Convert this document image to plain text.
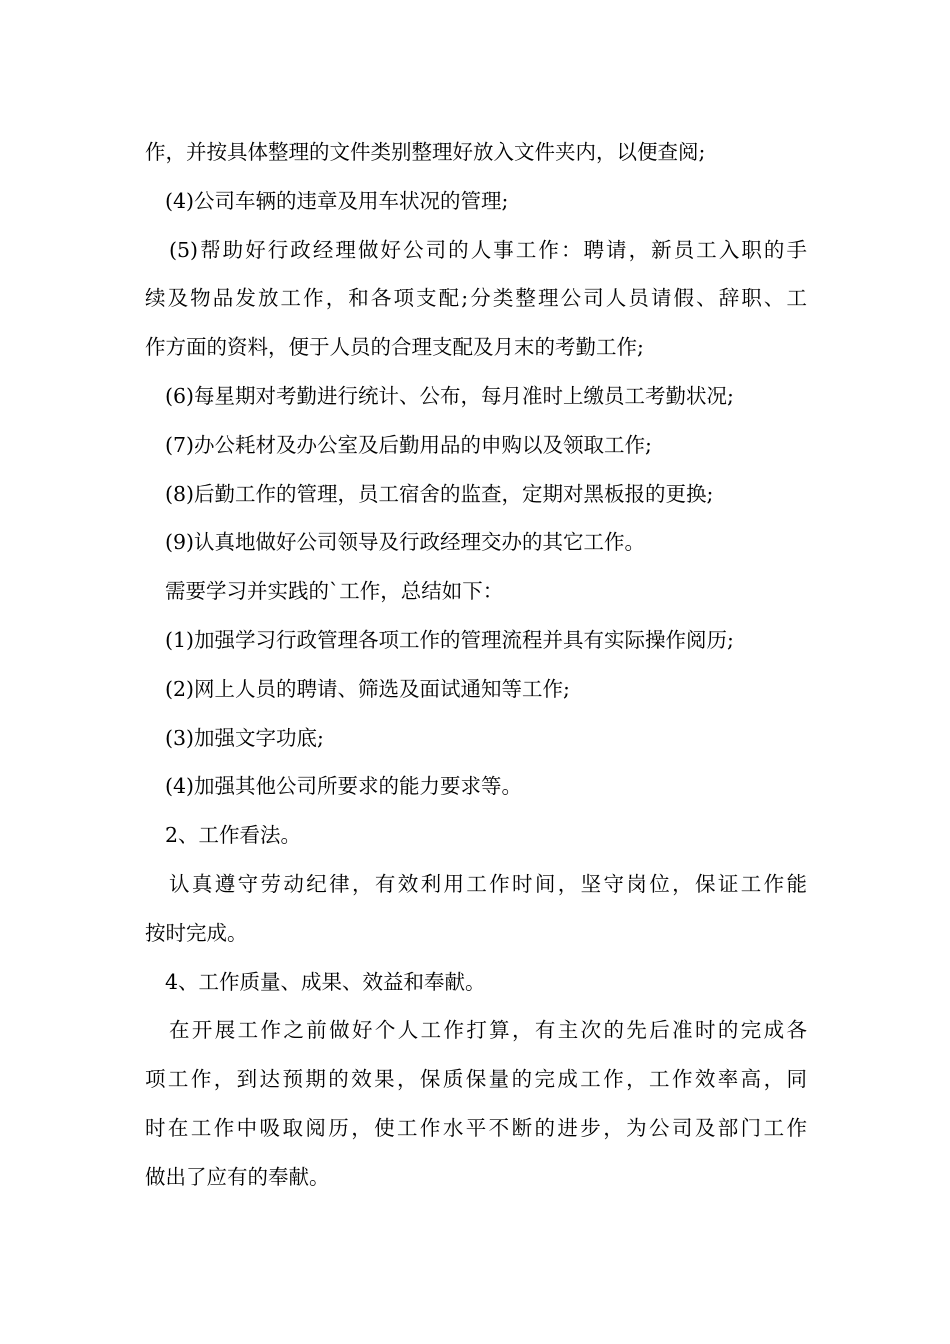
作，并按具体整理的文件类别整理好放入文件夹内，以便查阅;
(4)公司车辆的违章及用车状况的管理;
(5)帮助好行政经理做好公司的人事工作：聘请，新员工入职的手
续及物品发放工作，和各项支配;分类整理公司人员请假、辞职、工
作方面的资料，便于人员的合理支配及月末的考勤工作;
(6)每星期对考勤进行统计、公布，每月准时上缴员工考勤状况;
(7)办公耗材及办公室及后勤用品的申购以及领取工作;
(8)后勤工作的管理，员工宿舍的监查，定期对黑板报的更换;
(9)认真地做好公司领导及行政经理交办的其它工作。
需要学习并实践的`工作，总结如下：
(1)加强学习行政管理各项工作的管理流程并具有实际操作阅历;
(2)网上人员的聘请、筛选及面试通知等工作;
(3)加强文字功底;
(4)加强其他公司所要求的能力要求等。
2、工作看法。
认真遵守劳动纪律，有效利用工作时间，坚守岗位，保证工作能
按时完成。
4、工作质量、成果、效益和奉献。
在开展工作之前做好个人工作打算，有主次的先后准时的完成各
项工作，到达预期的效果，保质保量的完成工作，工作效率高，同
时在工作中吸取阅历，使工作水平不断的进步，为公司及部门工作
做出了应有的奉献。
